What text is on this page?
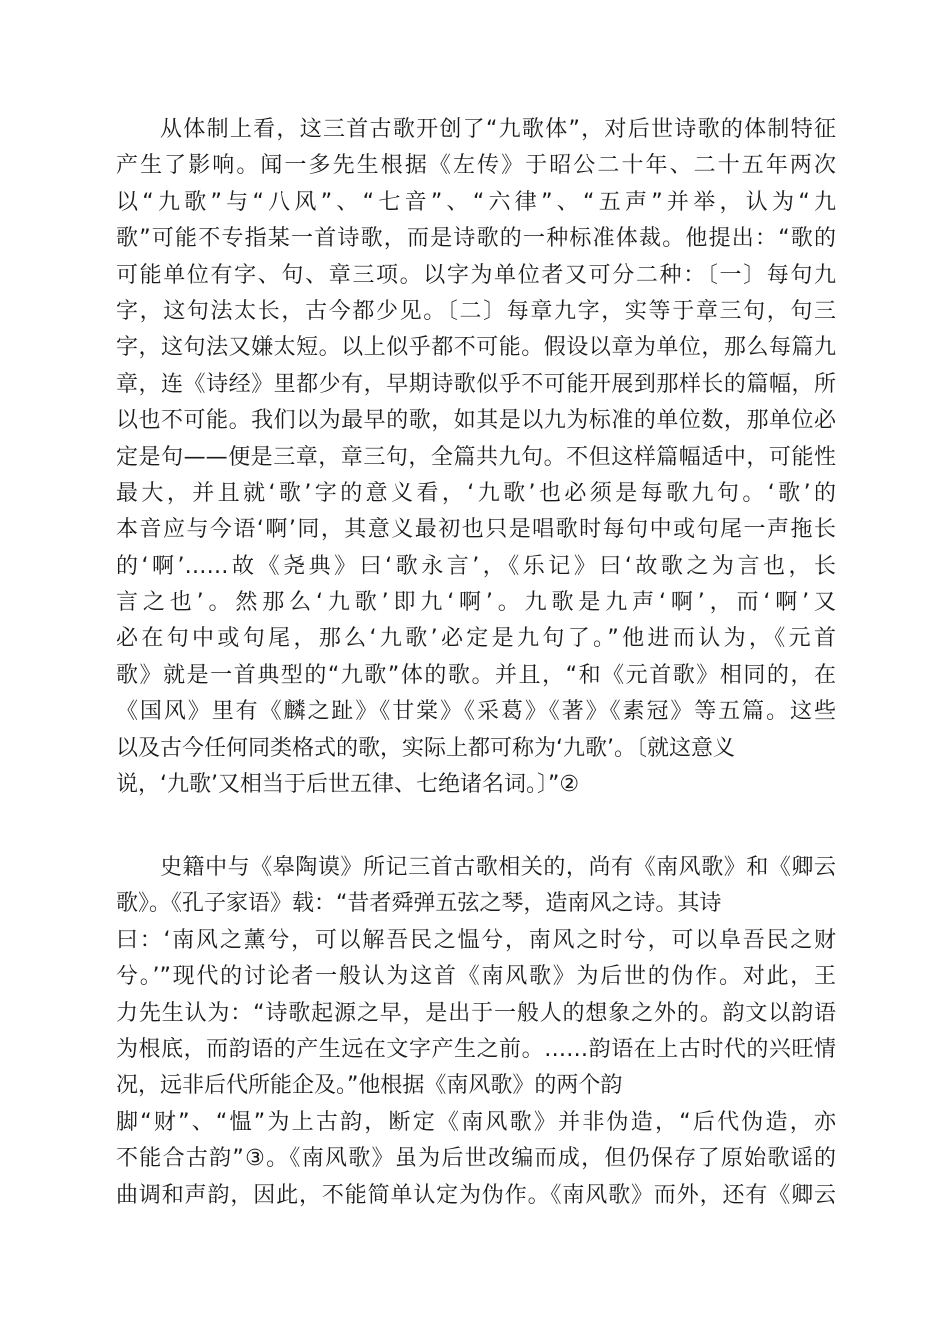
从体制上看，这三首古歌开创了“九歌体”，对后世诗歌的体制特征
产生了影响。闻一多先生根据《左传》于昭公二十年、二十五年两次
以“九歌”与“八风”、“七音”、“六律”、“五声”并举，认为“九
歌”可能不专指某一首诗歌，而是诗歌的一种标准体裁。他提出：“歌的
可能单位有字、句、章三项。以字为单位者又可分二种：〔一〕每句九
字，这句法太长，古今都少见。〔二〕每章九字，实等于章三句，句三
字，这句法又嫌太短。以上似乎都不可能。假设以章为单位，那么每篇九
章，连《诗经》里都少有，早期诗歌似乎不可能开展到那样长的篇幅，所
以也不可能。我们以为最早的歌，如其是以九为标准的单位数，那单位必
定是句——便是三章，章三句，全篇共九句。不但这样篇幅适中，可能性
最大，并且就‘歌’字的意义看，‘九歌’也必须是每歌九句。‘歌’的
本音应与今语‘啊’同，其意义最初也只是唱歌时每句中或句尾一声拖长
的‘啊’……故《尧典》曰‘歌永言’，《乐记》曰‘故歌之为言也，长
言之也’。然那么‘九歌’即九‘啊’。九歌是九声‘啊’，而‘啊’又
必在句中或句尾，那么‘九歌’必定是九句了。”他进而认为，《元首
歌》就是一首典型的“九歌”体的歌。并且，“和《元首歌》相同的，在
《国风》里有《麟之趾》《甘棠》《采葛》《著》《素冠》等五篇。这些
以及古今任何同类格式的歌，实际上都可称为‘九歌’。〔就这意义
说，‘九歌’又相当于后世五律、七绝诸名词。〕”②
史籍中与《皋陶谟》所记三首古歌相关的，尚有《南风歌》和《卿云
歌》。《孔子家语》载：“昔者舜弹五弦之琴，造南风之诗。其诗
曰：‘南风之薰兮，可以解吾民之愠兮，南风之时兮，可以阜吾民之财
兮。’”现代的讨论者一般认为这首《南风歌》为后世的伪作。对此，王
力先生认为：“诗歌起源之早，是出于一般人的想象之外的。韵文以韵语
为根底，而韵语的产生远在文字产生之前。……韵语在上古时代的兴旺情
况，远非后代所能企及。”他根据《南风歌》的两个韵
脚“财”、“愠”为上古韵，断定《南风歌》并非伪造，“后代伪造，亦
不能合古韵”③。《南风歌》虽为后世改编而成，但仍保存了原始歌谣的
曲调和声韵，因此，不能简单认定为伪作。《南风歌》而外，还有《卿云
